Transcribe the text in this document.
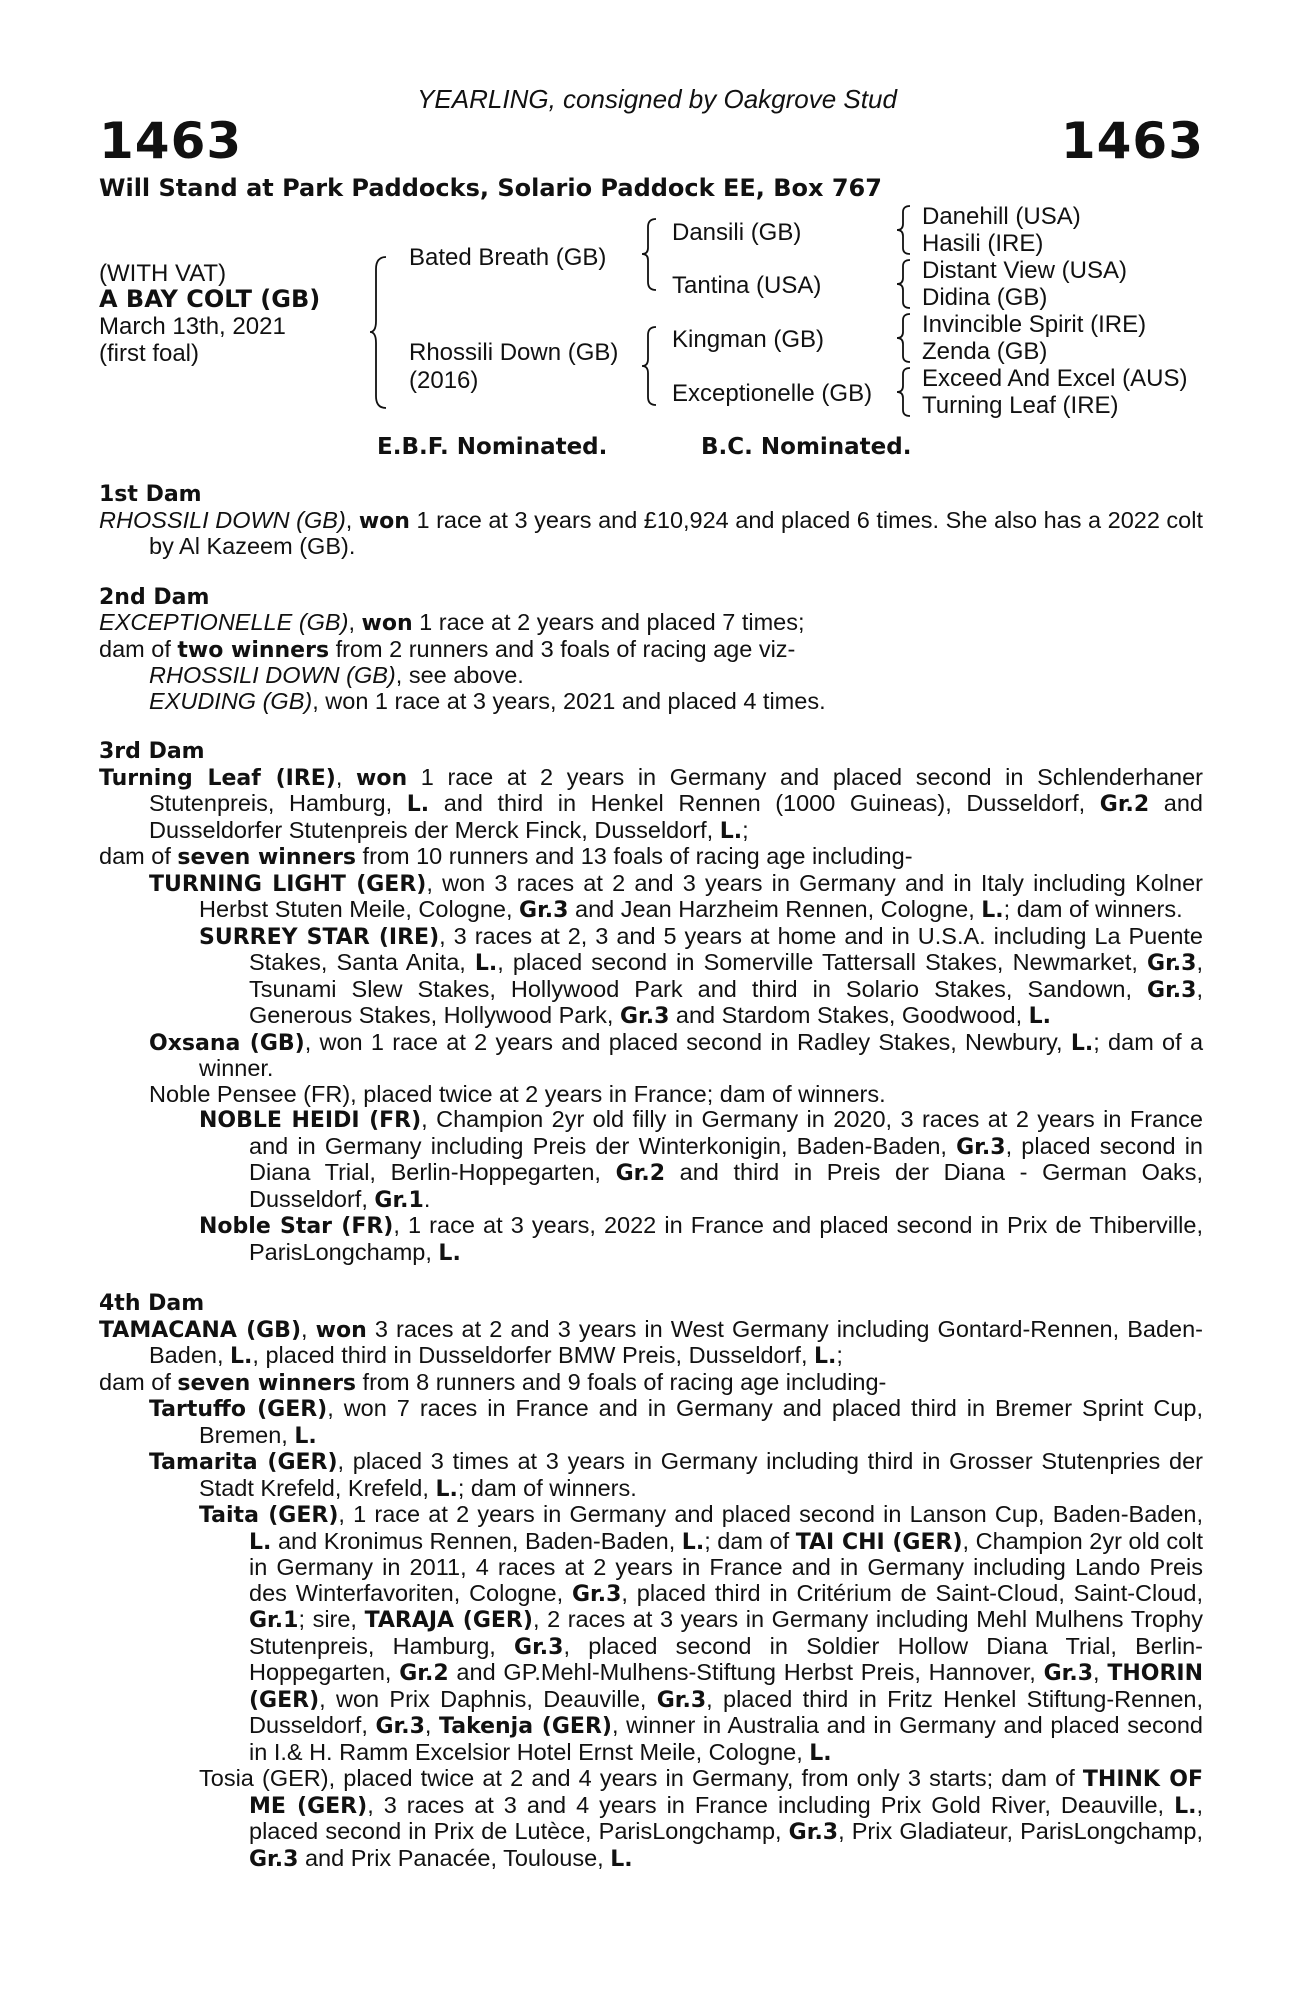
YEARLING, consigned by Oakgrove Stud
1463	1463
Will Stand at Park Paddocks, Solario Paddock EE, Box 767
(WITH VAT)
A BAY COLT (GB)
March 13th, 2021
(first foal)
Bated Breath (GB)
Rhossili Down (GB)
(2016)
Dansili (GB)
Tantina (USA)
Kingman (GB)
Exceptionelle (GB)
Danehill (USA)
Hasili (IRE)
Distant View (USA)
Didina (GB)
Invincible Spirit (IRE)
Zenda (GB)
Exceed And Excel (AUS)
Turning Leaf (IRE)
E.B.F. Nominated.	B.C. Nominated.
1st Dam
RHOSSILI DOWN (GB), won 1 race at 3 years and £10,924 and placed 6 times. She also has a 2022 colt by Al Kazeem (GB).
2nd Dam
EXCEPTIONELLE (GB), won 1 race at 2 years and placed 7 times;
dam of two winners from 2 runners and 3 foals of racing age viz-
RHOSSILI DOWN (GB), see above.
EXUDING (GB), won 1 race at 3 years, 2021 and placed 4 times.
3rd Dam
Turning Leaf (IRE), won 1 race at 2 years in Germany and placed second in Schlenderhaner Stutenpreis, Hamburg, L. and third in Henkel Rennen (1000 Guineas), Dusseldorf, Gr.2 and Dusseldorfer Stutenpreis der Merck Finck, Dusseldorf, L.;
dam of seven winners from 10 runners and 13 foals of racing age including-
TURNING LIGHT (GER), won 3 races at 2 and 3 years in Germany and in Italy including Kolner Herbst Stuten Meile, Cologne, Gr.3 and Jean Harzheim Rennen, Cologne, L.; dam of winners.
SURREY STAR (IRE), 3 races at 2, 3 and 5 years at home and in U.S.A. including La Puente Stakes, Santa Anita, L., placed second in Somerville Tattersall Stakes, Newmarket, Gr.3, Tsunami Slew Stakes, Hollywood Park and third in Solario Stakes, Sandown, Gr.3, Generous Stakes, Hollywood Park, Gr.3 and Stardom Stakes, Goodwood, L.
Oxsana (GB), won 1 race at 2 years and placed second in Radley Stakes, Newbury, L.; dam of a winner.
Noble Pensee (FR), placed twice at 2 years in France; dam of winners.
NOBLE HEIDI (FR), Champion 2yr old filly in Germany in 2020, 3 races at 2 years in France and in Germany including Preis der Winterkonigin, Baden-Baden, Gr.3, placed second in Diana Trial, Berlin-Hoppegarten, Gr.2 and third in Preis der Diana - German Oaks, Dusseldorf, Gr.1.
Noble Star (FR), 1 race at 3 years, 2022 in France and placed second in Prix de Thiberville, ParisLongchamp, L.
4th Dam
TAMACANA (GB), won 3 races at 2 and 3 years in West Germany including Gontard-Rennen, Baden-Baden, L., placed third in Dusseldorfer BMW Preis, Dusseldorf, L.;
dam of seven winners from 8 runners and 9 foals of racing age including-
Tartuffo (GER), won 7 races in France and in Germany and placed third in Bremer Sprint Cup, Bremen, L.
Tamarita (GER), placed 3 times at 3 years in Germany including third in Grosser Stutenpries der Stadt Krefeld, Krefeld, L.; dam of winners.
Taita (GER), 1 race at 2 years in Germany and placed second in Lanson Cup, Baden-Baden, L. and Kronimus Rennen, Baden-Baden, L.; dam of TAI CHI (GER), Champion 2yr old colt in Germany in 2011, 4 races at 2 years in France and in Germany including Lando Preis des Winterfavoriten, Cologne, Gr.3, placed third in Critérium de Saint-Cloud, Saint-Cloud, Gr.1; sire, TARAJA (GER), 2 races at 3 years in Germany including Mehl Mulhens Trophy Stutenpreis, Hamburg, Gr.3, placed second in Soldier Hollow Diana Trial, Berlin-Hoppegarten, Gr.2 and GP.Mehl-Mulhens-Stiftung Herbst Preis, Hannover, Gr.3, THORIN (GER), won Prix Daphnis, Deauville, Gr.3, placed third in Fritz Henkel Stiftung-Rennen, Dusseldorf, Gr.3, Takenja (GER), winner in Australia and in Germany and placed second in I.& H. Ramm Excelsior Hotel Ernst Meile, Cologne, L.
Tosia (GER), placed twice at 2 and 4 years in Germany, from only 3 starts; dam of THINK OF ME (GER), 3 races at 3 and 4 years in France including Prix Gold River, Deauville, L., placed second in Prix de Lutèce, ParisLongchamp, Gr.3, Prix Gladiateur, ParisLongchamp, Gr.3 and Prix Panacée, Toulouse, L.
